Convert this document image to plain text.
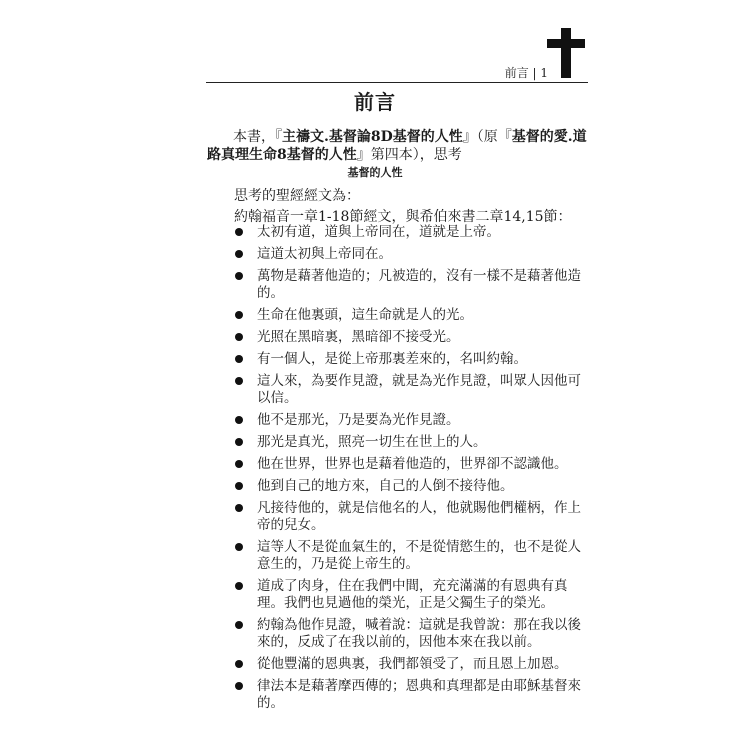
前言 | 1
前言

本書，『主禱文.基督論8D基督的人性』（原『基督的愛.道路真理生命8基督的人性』第四本），思考

基督的人性

思考的聖經經文為：

約翰福音一章1-18節經文，與希伯來書二章14,15節：

太初有道，道與上帝同在，道就是上帝。
這道太初與上帝同在。
萬物是藉著他造的；凡被造的，沒有一樣不是藉著他造的。
生命在他裏頭，這生命就是人的光。
光照在黑暗裏，黑暗卻不接受光。
有一個人，是從上帝那裏差來的，名叫約翰。
這人來，為要作見證，就是為光作見證，叫眾人因他可以信。
他不是那光，乃是要為光作見證。
那光是真光，照亮一切生在世上的人。
他在世界，世界也是藉着他造的，世界卻不認識他。
他到自己的地方來，自己的人倒不接待他。
凡接待他的，就是信他名的人，他就賜他們權柄，作上帝的兒女。
這等人不是從血氣生的，不是從情慾生的，也不是從人意生的，乃是從上帝生的。
道成了肉身，住在我們中間，充充滿滿的有恩典有真理。我們也見過他的榮光，正是父獨生子的榮光。
約翰為他作見證，喊着說：這就是我曾說：那在我以後來的，反成了在我以前的，因他本來在我以前。
從他豐滿的恩典裏，我們都領受了，而且恩上加恩。
律法本是藉著摩西傳的；恩典和真理都是由耶穌基督來的。
